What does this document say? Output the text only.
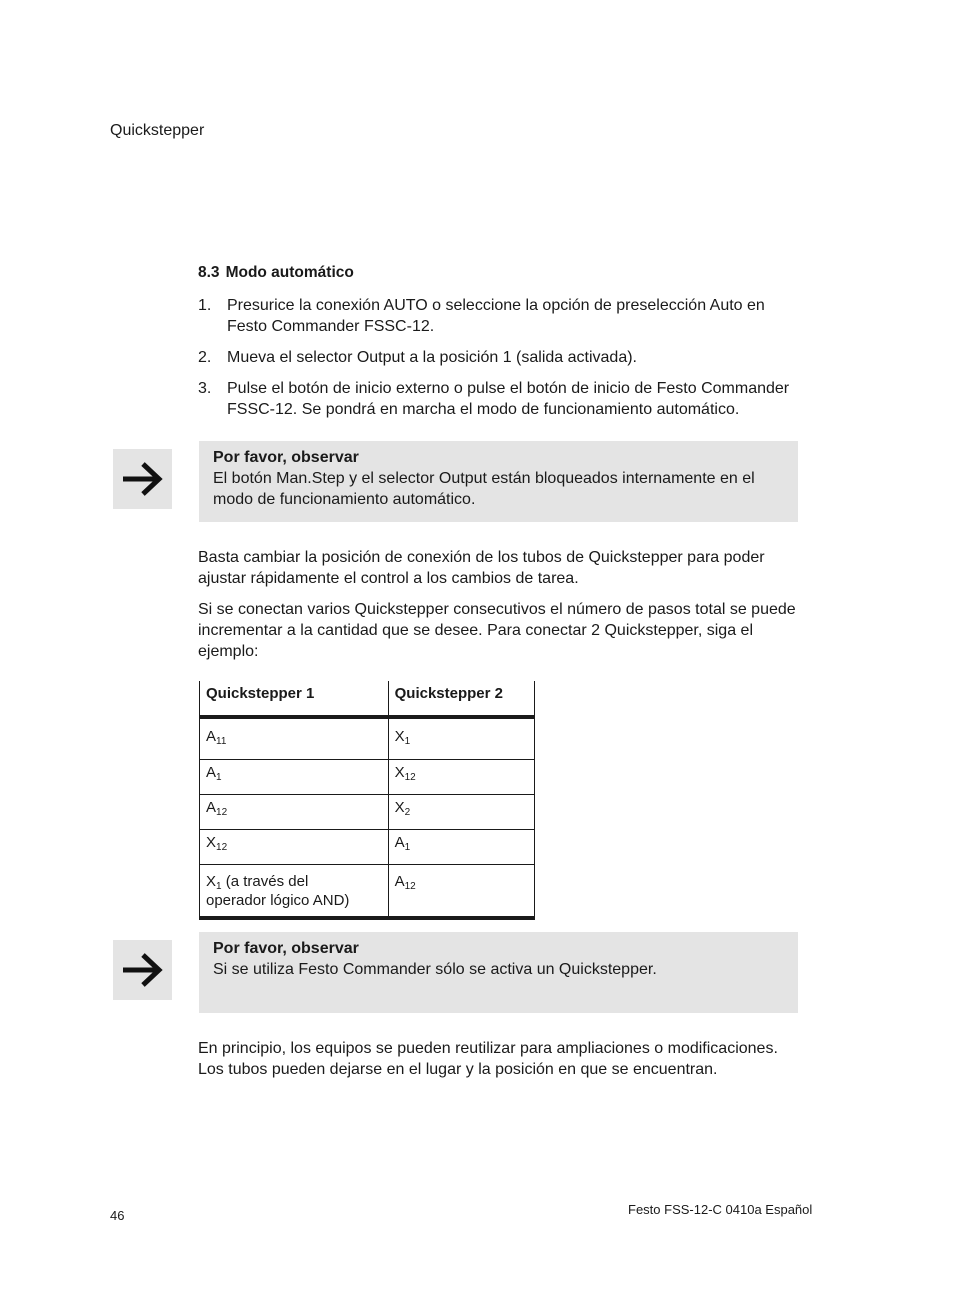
Quickstepper
8.3 Modo automático
1. Presurice la conexión AUTO o seleccione la opción de preselección Auto en Festo Commander FSSC-12.
2. Mueva el selector Output a la posición 1 (salida activada).
3. Pulse el botón de inicio externo o pulse el botón de inicio de Festo Commander FSSC-12. Se pondrá en marcha el modo de funcionamiento automático.
Por favor, observar
El botón Man.Step y el selector Output están bloqueados internamente en el modo de funcionamiento automático.

Basta cambiar la posición de conexión de los tubos de Quickstepper para poder ajustar rápidamente el control a los cambios de tarea.

Si se conectan varios Quickstepper consecutivos el número de pasos total se puede incrementar a la cantidad que se desee. Para conectar 2 Quickstepper, siga el ejemplo:

Quickstepper 1	Quickstepper 2
$A_{11}$	$X_1$
$A_1$	$X_{12}$
$A_{12}$	$X_2$
$X_{12}$	$A_1$
$X_1$ (a través del
operador lógico AND)	$A_{12}$
Por favor, observar
Si se utiliza Festo Commander sólo se activa un Quickstepper.

En principio, los equipos se pueden reutilizar para ampliaciones o modificaciones. Los tubos pueden dejarse en el lugar y la posición en que se encuentran.

46	Festo FSS-12-C 0410a Español
